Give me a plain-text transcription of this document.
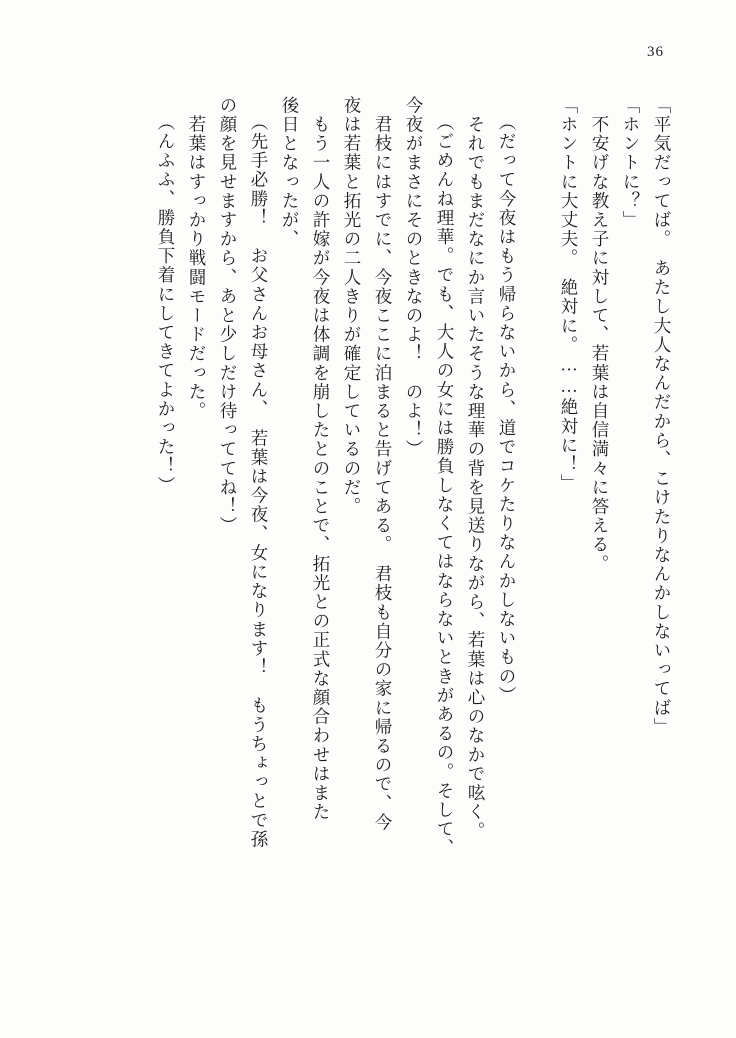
36
「平気だってば。　あたし大人なんだから、こけたりなんかしないってば」
「ホントに？」
　不安げな教え子に対して、若葉は自信満々に答える。
「ホントに大丈夫。　絶対に。……絶対に！」
（だって今夜はもう帰らないから、道でコケたりなんかしないもの）
　それでもまだなにか言いたそうな理華の背を見送りながら、若葉は心のなかで呟く。
（ごめんね理華。でも、大人の女には勝負しなくてはならないときがあるの。そして、
今夜がまさにそのときなのよ！　のよ！）
　君枝にはすでに、今夜ここに泊まると告げてある。　君枝も自分の家に帰るので、今
夜は若葉と拓光の二人きりが確定しているのだ。
　もう一人の許嫁が今夜は体調を崩したとのことで、拓光との正式な顔合わせはまた
後日となったが、
（先手必勝！　お父さんお母さん、　若葉は今夜、女になります！　もうちょっとで孫
の顔を見せますから、あと少しだけ待っててね！）
　若葉はすっかり戦闘モードだった。
（んふふ、勝負下着にしてきてよかった！）
